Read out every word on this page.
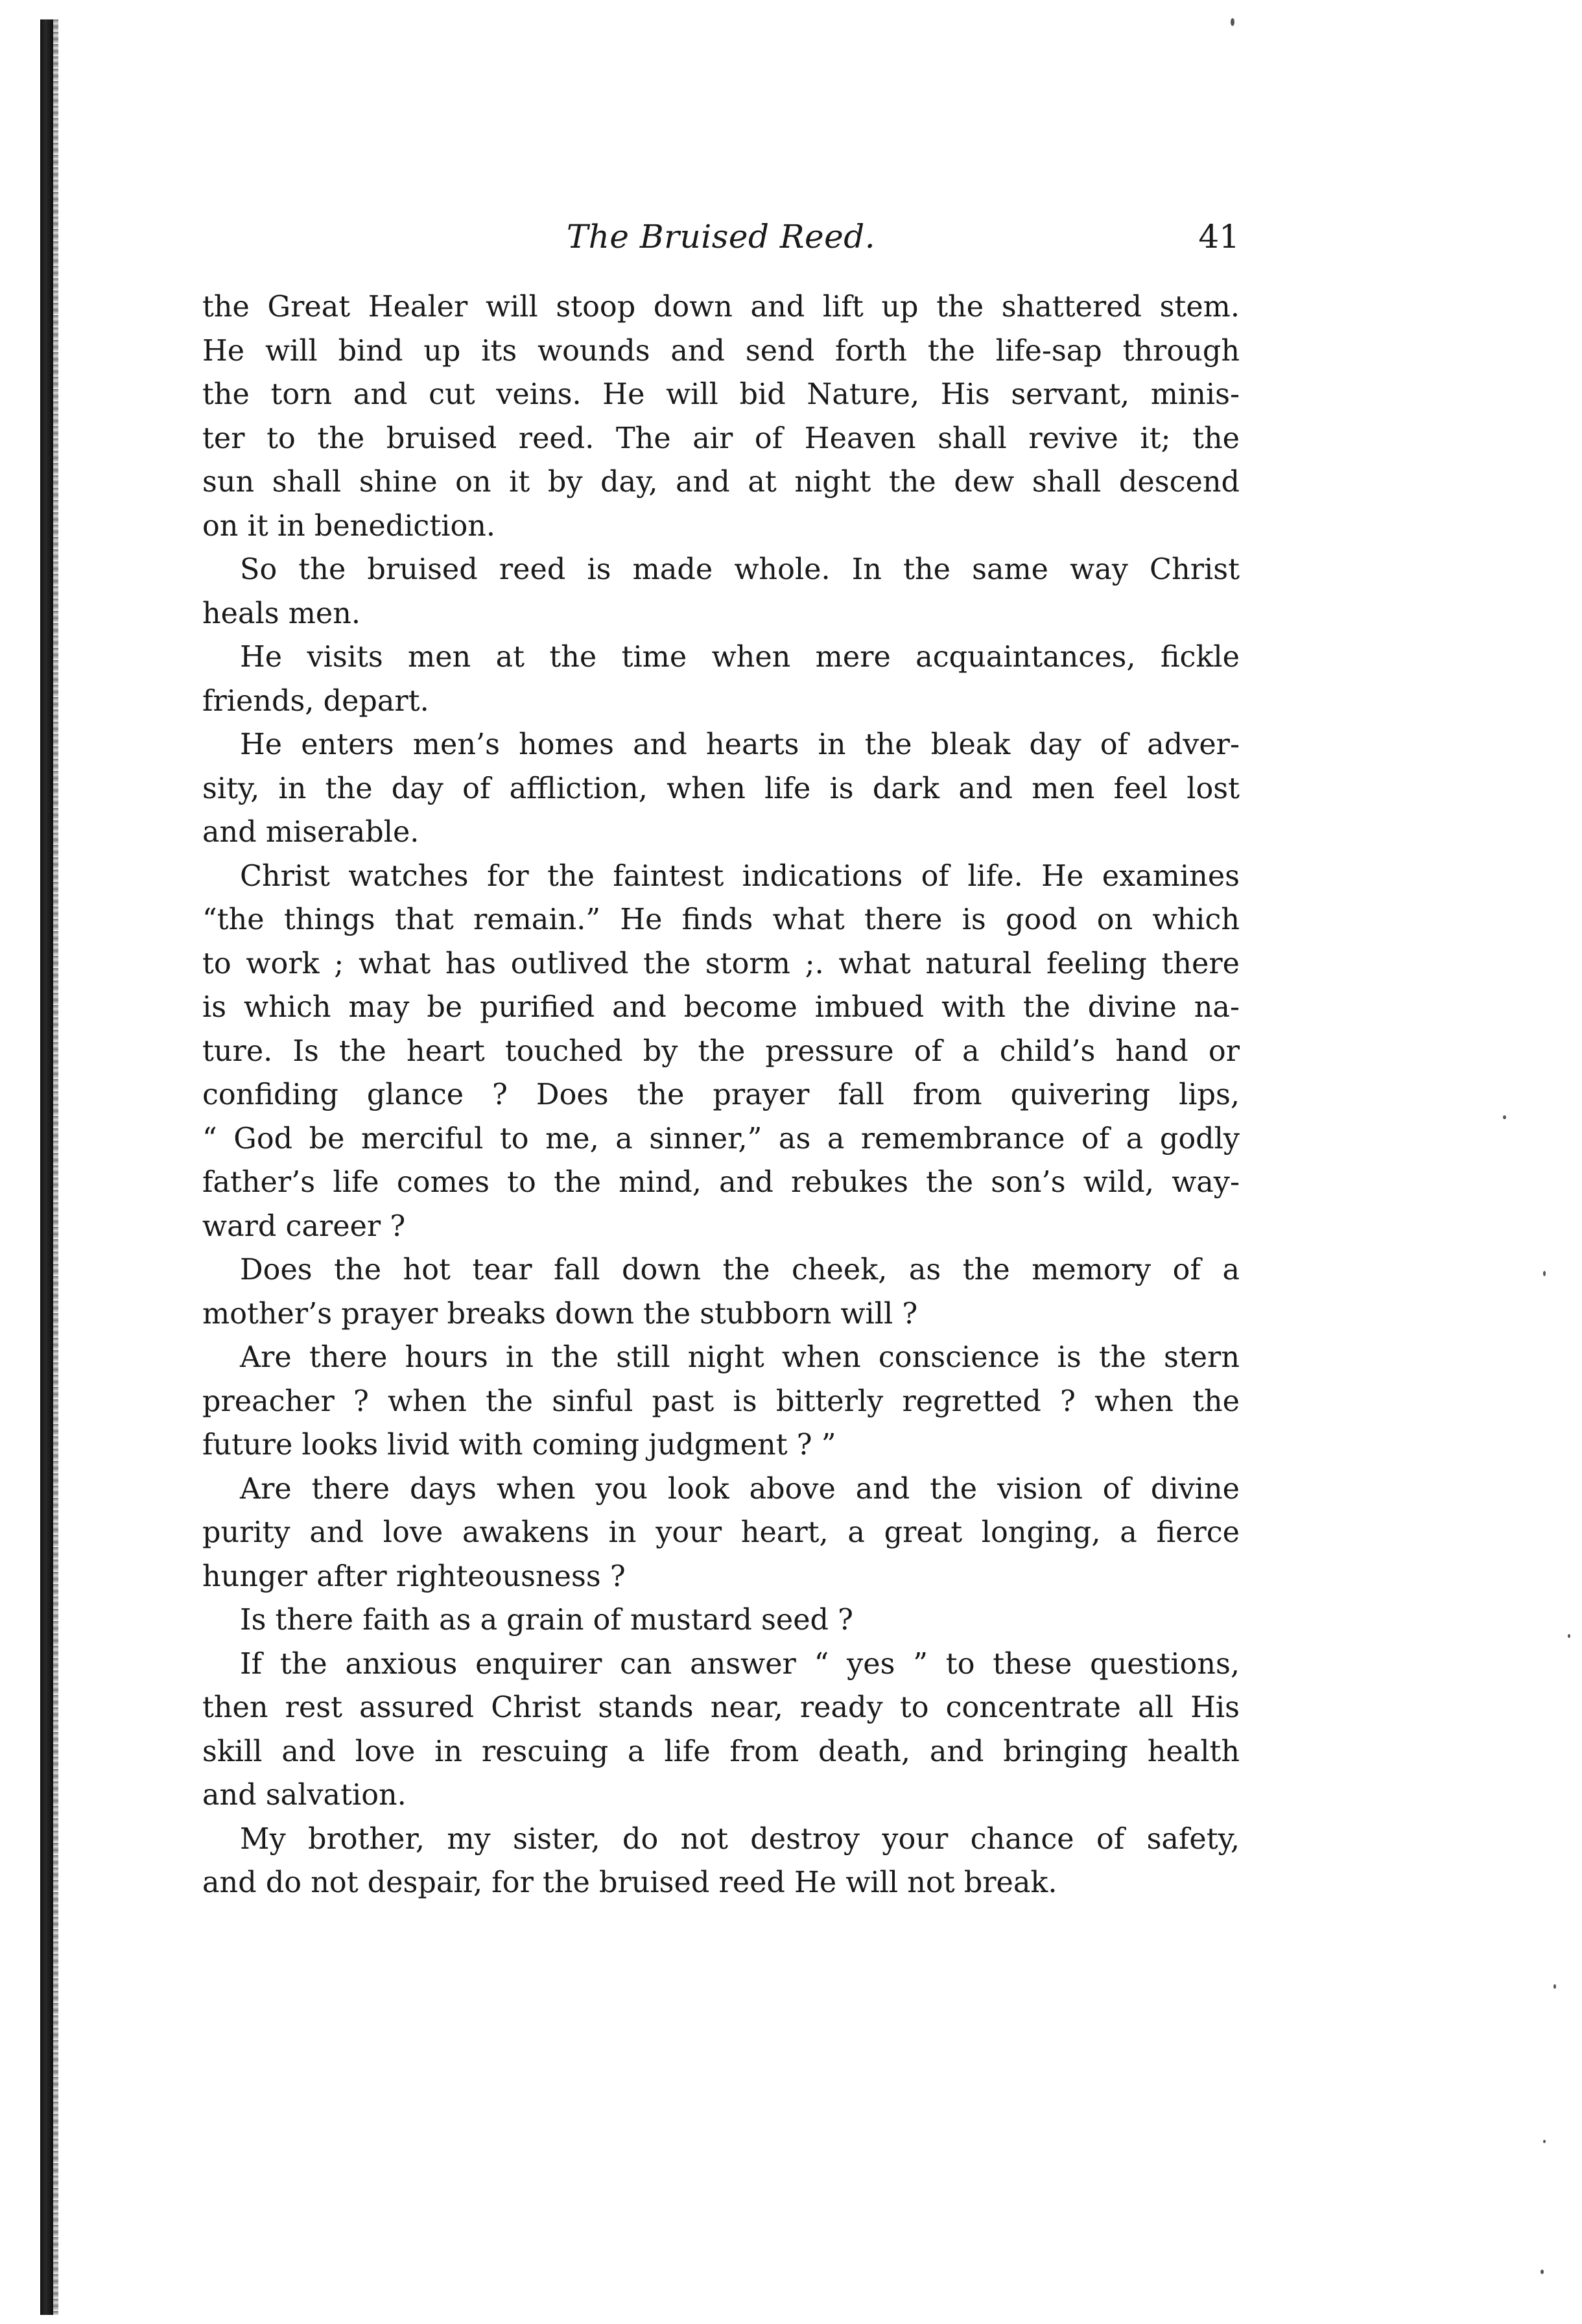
The Bruised Reed.	41

the Great Healer will stoop down and lift up the shattered stem.
He will bind up its wounds and send forth the life-sap through
the torn and cut veins. He will bid Nature, His servant, minis-
ter to the bruised reed. The air of Heaven shall revive it; the
sun shall shine on it by day, and at night the dew shall descend
on it in benediction.

So the bruised reed is made whole. In the same way Christ
heals men.

He visits men at the time when mere acquaintances, fickle
friends, depart.

He enters men’s homes and hearts in the bleak day of adver-
sity, in the day of affliction, when life is dark and men feel lost
and miserable.

Christ watches for the faintest indications of life. He examines
“the things that remain.” He finds what there is good on which
to work ; what has outlived the storm ;. what natural feeling there
is which may be purified and become imbued with the divine na-
ture. Is the heart touched by the pressure of a child’s hand or
confiding glance ? Does the prayer fall from quivering lips,
“ God be merciful to me, a sinner,” as a remembrance of a godly
father’s life comes to the mind, and rebukes the son’s wild, way-
ward career ?

Does the hot tear fall down the cheek, as the memory of a
mother’s prayer breaks down the stubborn will ?

Are there hours in the still night when conscience is the stern
preacher ? when the sinful past is bitterly regretted ? when the
future looks livid with coming judgment ? ”

Are there days when you look above and the vision of divine
purity and love awakens in your heart, a great longing, a fierce
hunger after righteousness ?

Is there faith as a grain of mustard seed ?

If the anxious enquirer can answer “ yes ” to these questions,
then rest assured Christ stands near, ready to concentrate all His
skill and love in rescuing a life from death, and bringing health
and salvation.

My brother, my sister, do not destroy your chance of safety,
and do not despair, for the bruised reed He will not break.
